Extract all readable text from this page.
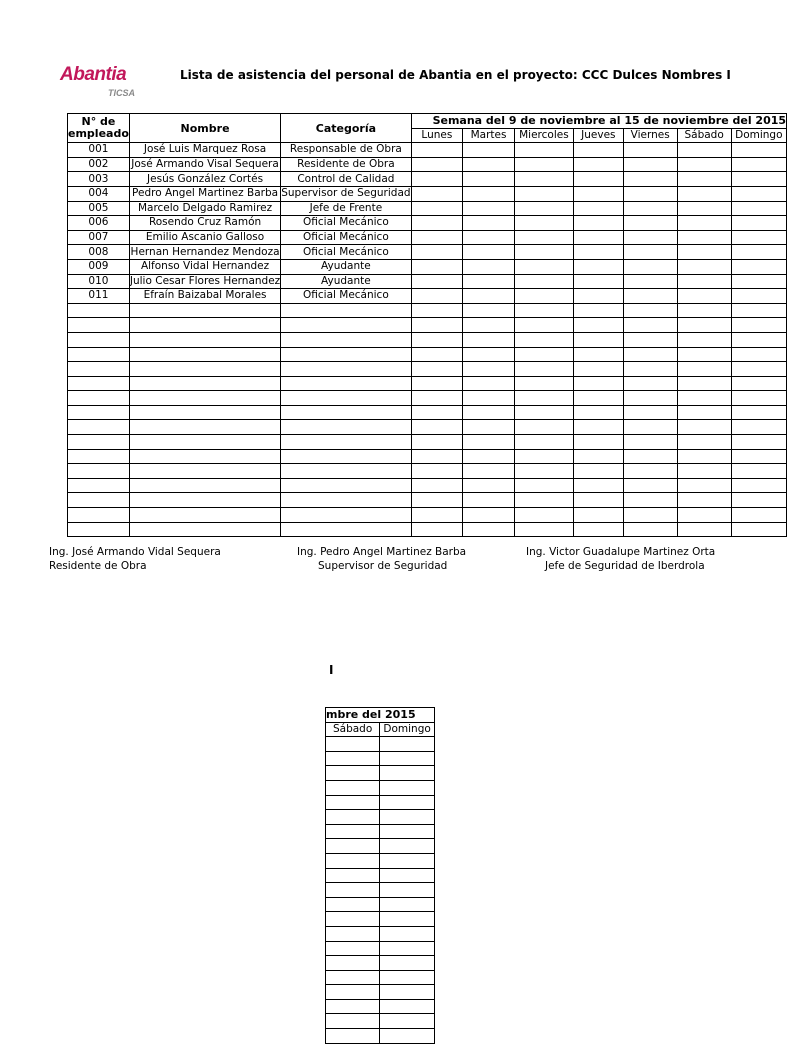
Abantia
TICSA
Lista de asistencia del personal de Abantia en el proyecto: CCC Dulces Nombres I
N° de
empleado	Nombre	Categoría	Semana del 9 de noviembre al 15 de noviembre del 2015						
			Lunes	Martes	Miercoles	Jueves	Viernes	Sábado	Domingo
001	José Luis Marquez Rosa	Responsable de Obra							
002	José Armando Visal Sequera	Residente de Obra							
003	Jesús González Cortés	Control de Calidad							
004	Pedro Angel Martinez Barba	Supervisor de Seguridad							
005	Marcelo Delgado Ramirez	Jefe de Frente							
006	Rosendo Cruz Ramón	Oficial Mecánico							
007	Emilio Ascanio Galloso	Oficial Mecánico							
008	Hernan Hernandez Mendoza	Oficial Mecánico							
009	Alfonso Vidal Hernandez	Ayudante							
010	Julio Cesar Flores Hernandez	Ayudante							
011	Efraín Baizabal Morales	Oficial Mecánico							

Ing. José Armando Vidal Sequera
Residente de Obra
Ing. Pedro Angel Martinez Barba
Supervisor de Seguridad
Ing. Victor Guadalupe Martinez Orta
Jefe de Seguridad de Iberdrola
I
mbre del 2015	
Sábado	Domingo
